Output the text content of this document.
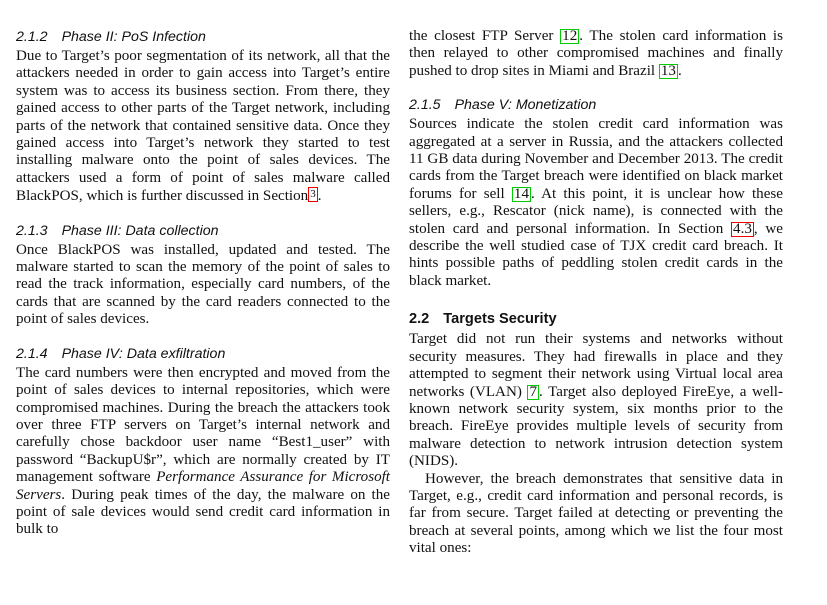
2.1.2 Phase II: PoS Infection

Due to Target’s poor segmentation of its network, all that the attackers needed in order to gain access into Target’s entire system was to access its business section. From there, they gained access to other parts of the Target network, including parts of the network that contained sensitive data. Once they gained access into Target’s network they started to test installing malware onto the point of sales devices. The attackers used a form of point of sales malware called BlackPOS, which is further discussed in Section 3 .

2.1.3 Phase III: Data collection

Once BlackPOS was installed, updated and tested. The malware started to scan the memory of the point of sales to read the track information, especially card numbers, of the cards that are scanned by the card readers connected to the point of sales devices.

2.1.4 Phase IV: Data exfiltration

The card numbers were then encrypted and moved from the point of sales devices to internal repositories, which were compromised machines. During the breach the attackers took over three FTP servers on Target’s internal network and carefully chose backdoor user name “Best1_user” with password “BackupU$r”, which are normally created by IT management software Performance Assurance for Microsoft Servers. During peak times of the day, the malware on the point of sale devices would send credit card information in bulk to

the closest FTP Server 12 . The stolen card information is then relayed to other compromised machines and finally pushed to drop sites in Miami and Brazil 13 .

2.1.5 Phase V: Monetization

Sources indicate the stolen credit card information was aggregated at a server in Russia, and the attackers collected 11 GB data during November and December 2013. The credit cards from the Target breach were identified on black market forums for sell 14 . At this point, it is unclear how these sellers, e.g., Rescator (nick name), is connected with the stolen card and personal information. In Section 4.3 , we describe the well studied case of TJX credit card breach. It hints possible paths of peddling stolen credit cards in the black market.

2.2 Targets Security

Target did not run their systems and networks without security measures. They had firewalls in place and they attempted to segment their network using Virtual local area networks (VLAN) 7 . Target also deployed FireEye, a well-known network security system, six months prior to the breach. FireEye provides multiple levels of security from malware detection to network intrusion detection system (NIDS).

However, the breach demonstrates that sensitive data in Target, e.g., credit card information and personal records, is far from secure. Target failed at detecting or preventing the breach at several points, among which we list the four most vital ones:
